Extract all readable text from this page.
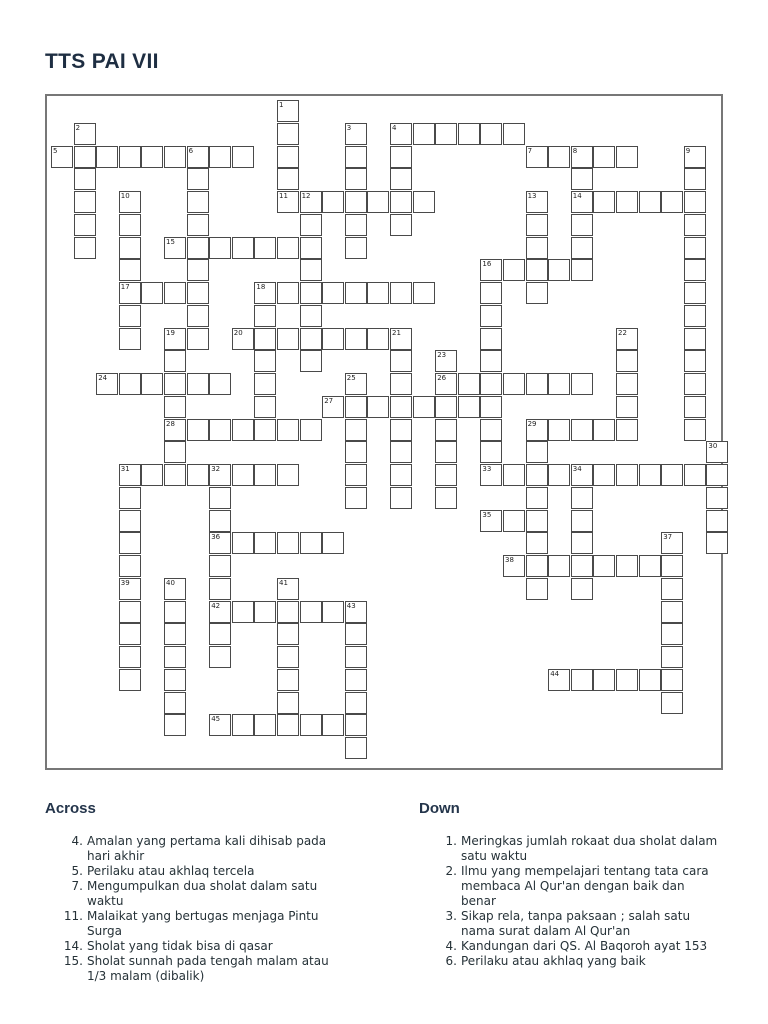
TTS PAI VII
4
5	6	7	8
11 12	14
15
16
17	18
20
24	26
27
28	29
31	32	33	34
35
36
38
42	43
44
45
1
2	3
9
10	13
19	21	22
23
25
30
37
39	40	41
Across	Down
4. Amalan yang pertama kali dihisab pada hari akhir
5. Perilaku atau akhlaq tercela
7. Mengumpulkan dua sholat dalam satu waktu
11. Malaikat yang bertugas menjaga Pintu Surga
14. Sholat yang tidak bisa di qasar
15. Sholat sunnah pada tengah malam atau 1/3 malam (dibalik)
1. Meringkas jumlah rokaat dua sholat dalam satu waktu
2. Ilmu yang mempelajari tentang tata cara membaca Al Qur'an dengan baik dan benar
3. Sikap rela, tanpa paksaan ; salah satu nama surat dalam Al Qur'an
4. Kandungan dari QS. Al Baqoroh ayat 153
6. Perilaku atau akhlaq yang baik
